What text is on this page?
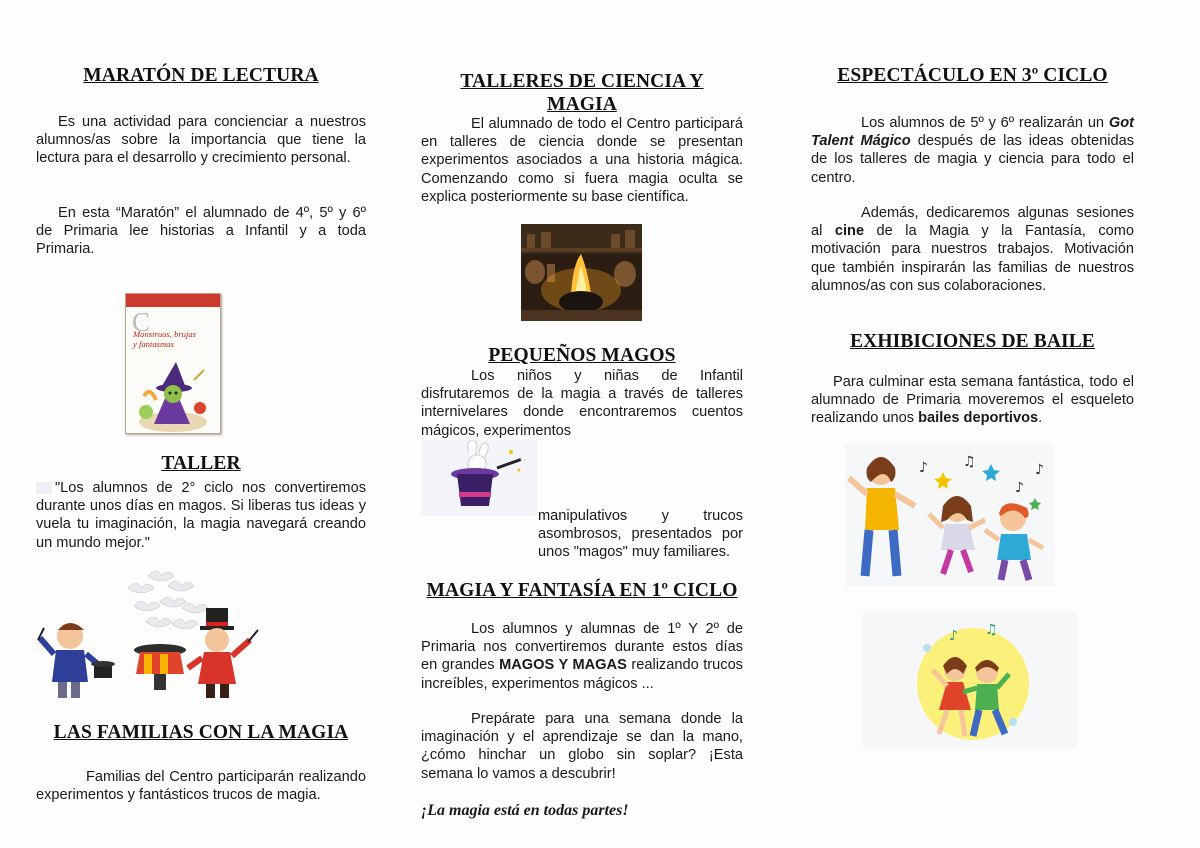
MARATÓN DE LECTURA

Es una actividad para concienciar a nuestros alumnos/as sobre la importancia que tiene la lectura para el desarrollo y crecimiento personal.

En esta “Maratón” el alumnado de 4º, 5º y 6º de Primaria lee historias a Infantil y a toda Primaria.

C
Monstruos, brujas
y fantasmas
TALLER

"Los alumnos de 2° ciclo nos convertiremos durante unos días en magos. Si liberas tus ideas y vuela tu imaginación, la magia navegará creando un mundo mejor."

LAS FAMILIAS CON LA MAGIA

Familias del Centro participarán realizando experimentos y fantásticos trucos de magia.

TALLERES DE CIENCIA Y
MAGIA

El alumnado de todo el Centro participará en talleres de ciencia donde se presentan experimentos asociados a una historia mágica. Comenzando como si fuera magia oculta se explica posteriormente su base científica.

PEQUEÑOS MAGOS

Los niños y niñas de Infantil disfrutaremos de la magia a través de talleres internivelares donde encontraremos cuentos mágicos, experimentos

manipulativos y trucos asombrosos, presentados por unos "magos" muy familiares.

MAGIA Y FANTASÍA EN 1º CICLO

Los alumnos y alumnas de 1º Y 2º de Primaria nos convertiremos durante estos días en grandes MAGOS Y MAGAS realizando trucos increíbles, experimentos mágicos ...

Prepárate para una semana donde la imaginación y el aprendizaje se dan la mano, ¿cómo hinchar un globo sin soplar? ¡Esta semana lo vamos a descubrir!

¡La magia está en todas partes!

ESPECTÁCULO EN 3º CICLO

Los alumnos de 5º y 6º realizarán un Got Talent Mágico después de las ideas obtenidas de los talleres de magia y ciencia para todo el centro.

Además, dedicaremos algunas sesiones al cine de la Magia y la Fantasía, como motivación para nuestros trabajos. Motivación que también inspirarán las familias de nuestros alumnos/as con sus colaboraciones.

EXHIBICIONES DE BAILE

Para culminar esta semana fantástica, todo el alumnado de Primaria moveremos el esqueleto realizando unos bailes deportivos.

♪	♫
♪
♪
♪ ♫
